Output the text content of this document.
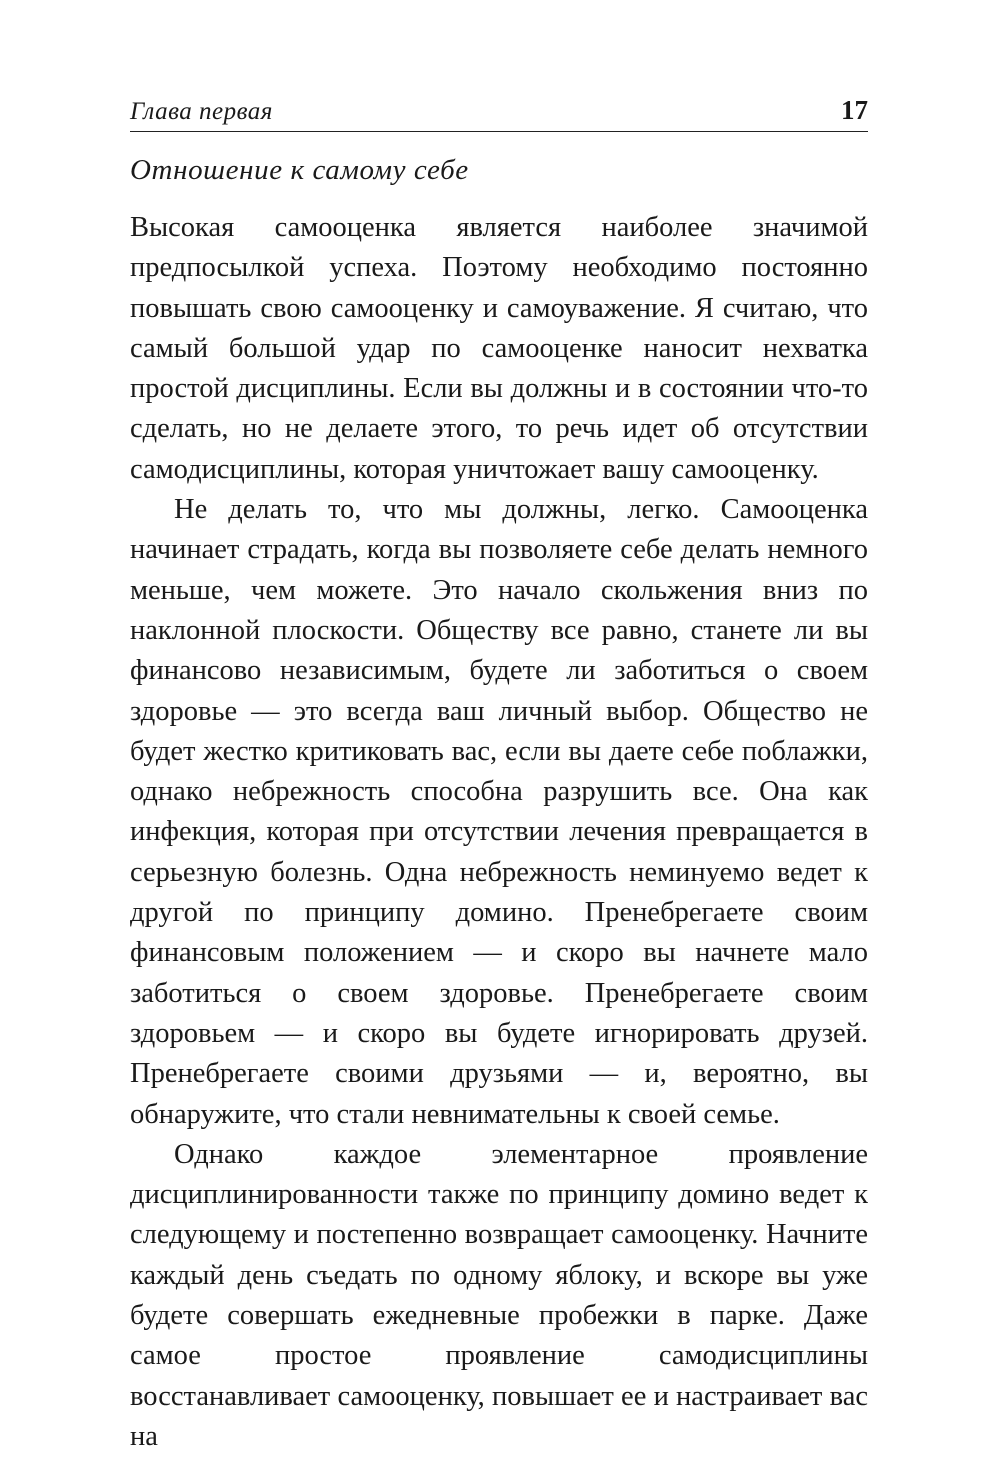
Глава первая	17
Отношение к самому себе

Высокая самооценка является наиболее значимой предпосылкой успеха. Поэтому необходимо постоянно повышать свою самооценку и самоуважение. Я считаю, что самый большой удар по самооценке наносит нехватка простой дисциплины. Если вы должны и в состоянии что-то сделать, но не делаете этого, то речь идет об отсутствии самодисциплины, которая уничтожает вашу самооценку.

Не делать то, что мы должны, легко. Самооценка начинает страдать, когда вы позволяете себе делать немного меньше, чем можете. Это начало скольжения вниз по наклонной плоскости. Обществу все равно, станете ли вы финансово независимым, будете ли заботиться о своем здоровье — это всегда ваш личный выбор. Общество не будет жестко критиковать вас, если вы даете себе поблажки, однако небрежность способна разрушить все. Она как инфекция, которая при отсутствии лечения превращается в серьезную болезнь. Одна небрежность неминуемо ведет к другой по принципу домино. Пренебрегаете своим финансовым положением — и скоро вы начнете мало заботиться о своем здоровье. Пренебрегаете своим здоровьем — и скоро вы будете игнорировать друзей. Пренебрегаете своими друзьями — и, вероятно, вы обнаружите, что стали невнимательны к своей семье.

Однако каждое элементарное проявление дисциплинированности также по принципу домино ведет к следующему и постепенно возвращает самооценку. Начните каждый день съедать по одному яблоку, и вскоре вы уже будете совершать ежедневные пробежки в парке. Даже самое простое проявление самодисциплины восстанавливает самооценку, повышает ее и настраивает вас на
